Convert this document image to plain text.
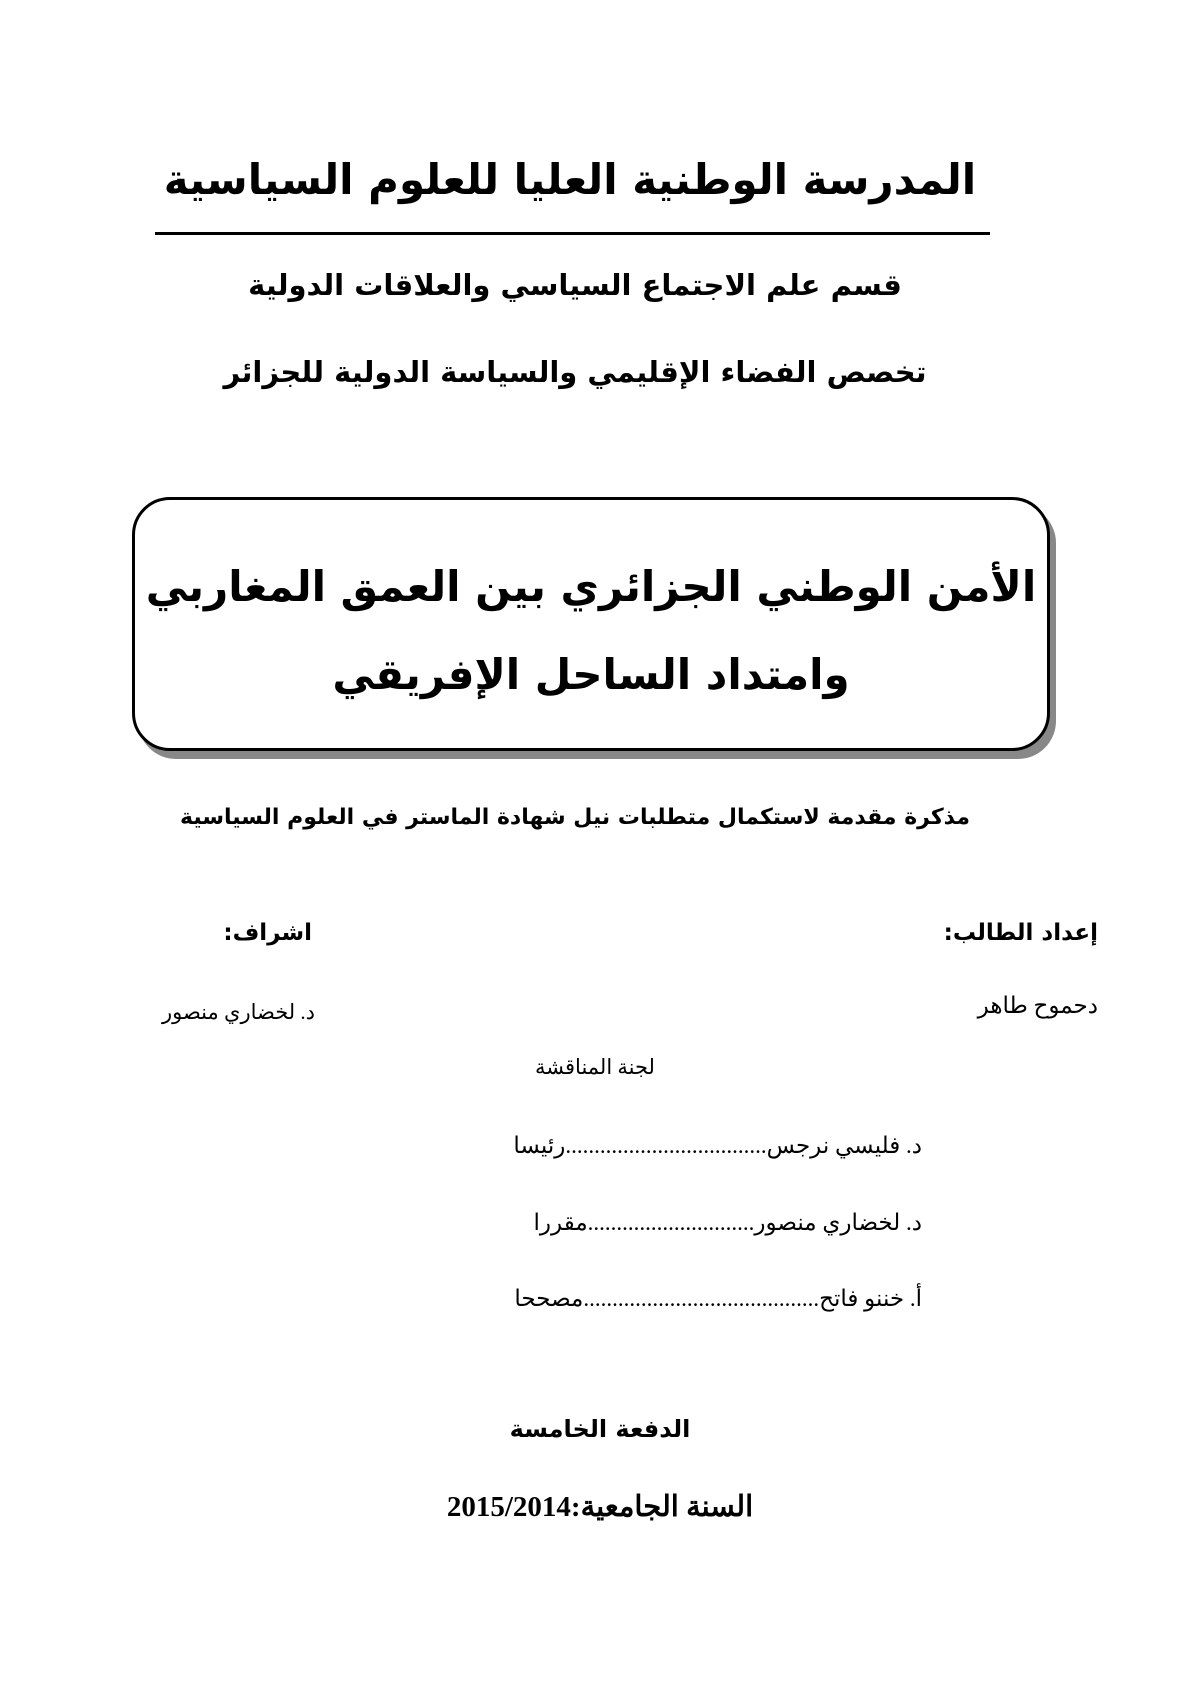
المدرسة الوطنية العليا للعلوم السياسية
قسم علم الاجتماع السياسي والعلاقات الدولية
تخصص الفضاء الإقليمي والسياسة الدولية للجزائر
الأمن الوطني الجزائري بين العمق المغاربي
وامتداد الساحل الإفريقي
مذكرة مقدمة لاستكمال متطلبات نيل شهادة الماستر في العلوم السياسية
إعداد الطالب:
اشراف:
دحموح طاهر
د. لخضاري منصور
لجنة المناقشة
د. فليسي نرجس...................................رئيسا
د. لخضاري منصور.............................مقررا
أ. خننو فاتح.........................................مصححا
الدفعة الخامسة
السنة الجامعية:2015/2014
